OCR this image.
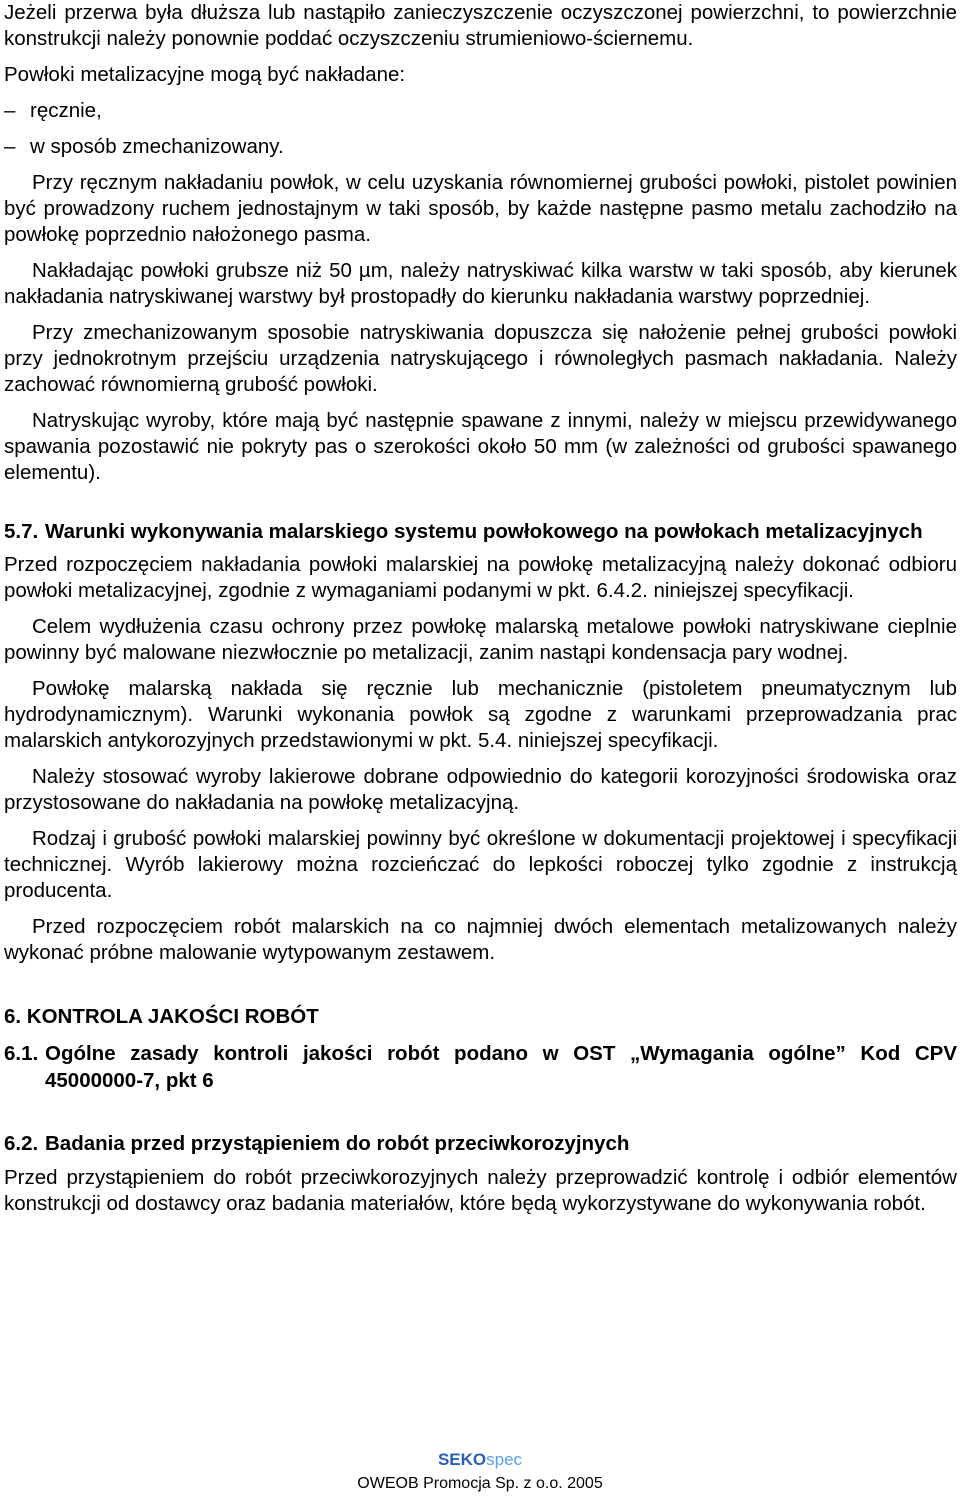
Jeżeli przerwa była dłuższa lub nastąpiło zanieczyszczenie oczyszczonej powierzchni, to powierzchnie konstrukcji należy ponownie poddać oczyszczeniu strumieniowo-ściernemu.

Powłoki metalizacyjne mogą być nakładane:

– ręcznie,
– w sposób zmechanizowany.

Przy ręcznym nakładaniu powłok, w celu uzyskania równomiernej grubości powłoki, pistolet powinien być prowadzony ruchem jednostajnym w taki sposób, by każde następne pasmo metalu zachodziło na powłokę poprzednio nałożonego pasma.

Nakładając powłoki grubsze niż 50 µm, należy natryskiwać kilka warstw w taki sposób, aby kierunek nakładania natryskiwanej warstwy był prostopadły do kierunku nakładania warstwy poprzedniej.

Przy zmechanizowanym sposobie natryskiwania dopuszcza się nałożenie pełnej grubości powłoki przy jednokrotnym przejściu urządzenia natryskującego i równoległych pasmach nakładania. Należy zachować równomierną grubość powłoki.

Natryskując wyroby, które mają być następnie spawane z innymi, należy w miejscu przewidywanego spawania pozostawić nie pokryty pas o szerokości około 50 mm (w zależności od grubości spawanego elementu).

5.7. Warunki wykonywania malarskiego systemu powłokowego na powłokach metalizacyjnych

Przed rozpoczęciem nakładania powłoki malarskiej na powłokę metalizacyjną należy dokonać odbioru powłoki metalizacyjnej, zgodnie z wymaganiami podanymi w pkt. 6.4.2. niniejszej specyfikacji.

Celem wydłużenia czasu ochrony przez powłokę malarską metalowe powłoki natryskiwane cieplnie powinny być malowane niezwłocznie po metalizacji, zanim nastąpi kondensacja pary wodnej.

Powłokę malarską nakłada się ręcznie lub mechanicznie (pistoletem pneumatycznym lub hydrodynamicznym). Warunki wykonania powłok są zgodne z warunkami przeprowadzania prac malarskich antykorozyjnych przedstawionymi w pkt. 5.4. niniejszej specyfikacji.

Należy stosować wyroby lakierowe dobrane odpowiednio do kategorii korozyjności środowiska oraz przystosowane do nakładania na powłokę metalizacyjną.

Rodzaj i grubość powłoki malarskiej powinny być określone w dokumentacji projektowej i specyfikacji technicznej. Wyrób lakierowy można rozcieńczać do lepkości roboczej tylko zgodnie z instrukcją producenta.

Przed rozpoczęciem robót malarskich na co najmniej dwóch elementach metalizowanych należy wykonać próbne malowanie wytypowanym zestawem.

6. KONTROLA JAKOŚCI ROBÓT
6.1. Ogólne zasady kontroli jakości robót podano w OST „Wymagania ogólne” Kod CPV 45000000-7, pkt 6
6.2. Badania przed przystąpieniem do robót przeciwkorozyjnych

Przed przystąpieniem do robót przeciwkorozyjnych należy przeprowadzić kontrolę i odbiór elementów konstrukcji od dostawcy oraz badania materiałów, które będą wykorzystywane do wykonywania robót.

SEKOspec
OWEOB Promocja Sp. z o.o. 2005
